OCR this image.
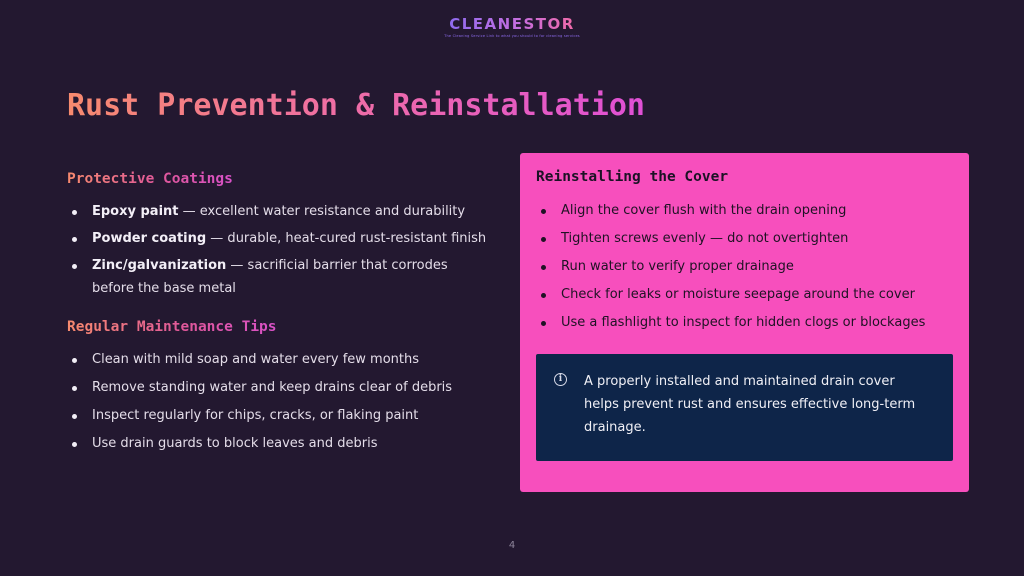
CLEANESTOR
The Cleaning Service Link to what you should to for cleaning services
Rust Prevention & Reinstallation
Protective Coatings
Epoxy paint — excellent water resistance and durability
Powder coating — durable, heat-cured rust-resistant finish
Zinc/galvanization — sacrificial barrier that corrodes before the base metal
Regular Maintenance Tips
Clean with mild soap and water every few months
Remove standing water and keep drains clear of debris
Inspect regularly for chips, cracks, or flaking paint
Use drain guards to block leaves and debris
Reinstalling the Cover
Align the cover flush with the drain opening
Tighten screws evenly — do not overtighten
Run water to verify proper drainage
Check for leaks or moisture seepage around the cover
Use a flashlight to inspect for hidden clogs or blockages
i	A properly installed and maintained drain cover helps prevent rust and ensures effective long-term drainage.
4
